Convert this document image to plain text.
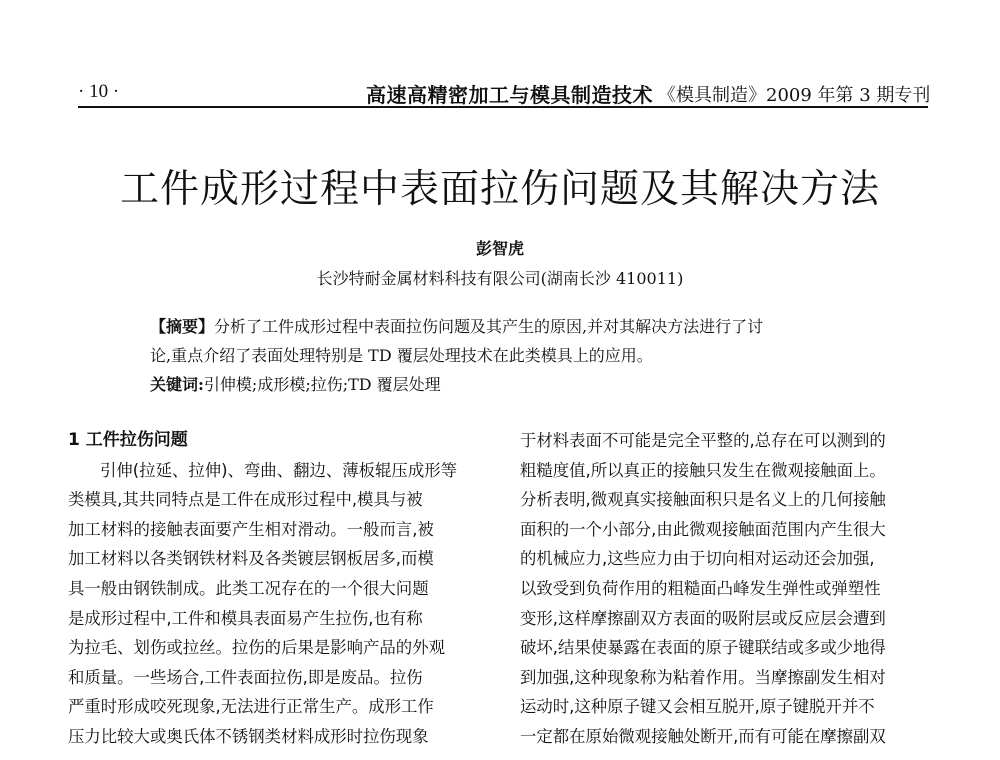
· 10 ·	高速高精密加工与模具制造技术 《模具制造》2009 年第 3 期专刊
工件成形过程中表面拉伤问题及其解决方法
彭智虎
长沙特耐金属材料科技有限公司(湖南长沙 410011)
【摘要】分析了工件成形过程中表面拉伤问题及其产生的原因,并对其解决方法进行了讨
论,重点介绍了表面处理特别是 TD 覆层处理技术在此类模具上的应用。
关键词:引伸模;成形模;拉伤;TD 覆层处理
1 工件拉伤问题
引伸(拉延、拉伸)、弯曲、翻边、薄板辊压成形等
类模具,其共同特点是工件在成形过程中,模具与被
加工材料的接触表面要产生相对滑动。一般而言,被
加工材料以各类钢铁材料及各类镀层钢板居多,而模
具一般由钢铁制成。此类工况存在的一个很大问题
是成形过程中,工件和模具表面易产生拉伤,也有称
为拉毛、划伤或拉丝。拉伤的后果是影响产品的外观
和质量。一些场合,工件表面拉伤,即是废品。拉伤
严重时形成咬死现象,无法进行正常生产。成形工作
压力比较大或奥氏体不锈钢类材料成形时拉伤现象
于材料表面不可能是完全平整的,总存在可以测到的
粗糙度值,所以真正的接触只发生在微观接触面上。
分析表明,微观真实接触面积只是名义上的几何接触
面积的一个小部分,由此微观接触面范围内产生很大
的机械应力,这些应力由于切向相对运动还会加强,
以致受到负荷作用的粗糙面凸峰发生弹性或弹塑性
变形,这样摩擦副双方表面的吸附层或反应层会遭到
破坏,结果使暴露在表面的原子键联结或多或少地得
到加强,这种现象称为粘着作用。当摩擦副发生相对
运动时,这种原子键又会相互脱开,原子键脱开并不
一定都在原始微观接触处断开,而有可能在摩擦副双
